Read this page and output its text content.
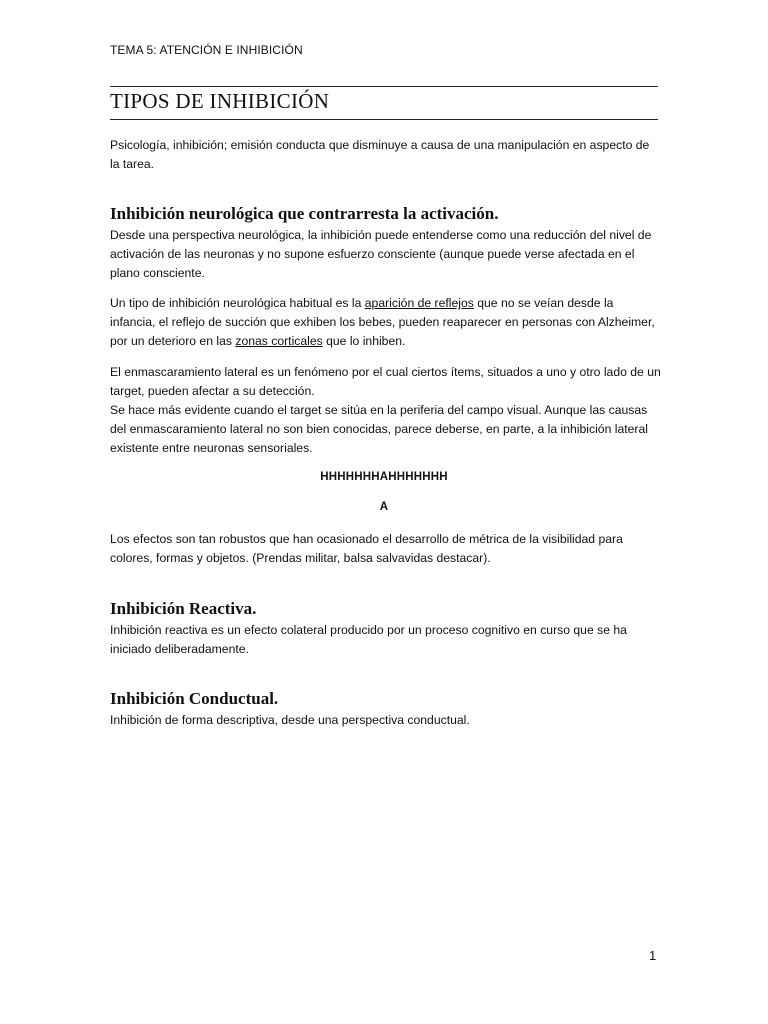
TEMA 5: ATENCIÓN E INHIBICIÓN
TIPOS DE INHIBICIÓN

Psicología, inhibición; emisión conducta que disminuye a causa de una manipulación en aspecto de la tarea.

Inhibición neurológica que contrarresta la activación.

Desde una perspectiva neurológica, la inhibición puede entenderse como una reducción del nivel de activación de las neuronas y no supone esfuerzo consciente (aunque puede verse afectada en el plano consciente.

Un tipo de inhibición neurológica habitual es la aparición de reflejos que no se veían desde la infancia, el reflejo de succión que exhiben los bebes, pueden reaparecer en personas con Alzheimer, por un deterioro en las zonas corticales que lo inhiben.

El enmascaramiento lateral es un fenómeno por el cual ciertos ítems, situados a uno y otro lado de un target, pueden afectar a su detección.
Se hace más evidente cuando el target se sitúa en la periferia del campo visual. Aunque las causas del enmascaramiento lateral no son bien conocidas, parece deberse, en parte, a la inhibición lateral existente entre neuronas sensoriales.

HHHHHHHAHHHHHHH
A

Los efectos son tan robustos que han ocasionado el desarrollo de métrica de la visibilidad para colores, formas y objetos. (Prendas militar, balsa salvavidas destacar).

Inhibición Reactiva.

Inhibición reactiva es un efecto colateral producido por un proceso cognitivo en curso que se ha iniciado deliberadamente.

Inhibición Conductual.

Inhibición de forma descriptiva, desde una perspectiva conductual.

1
